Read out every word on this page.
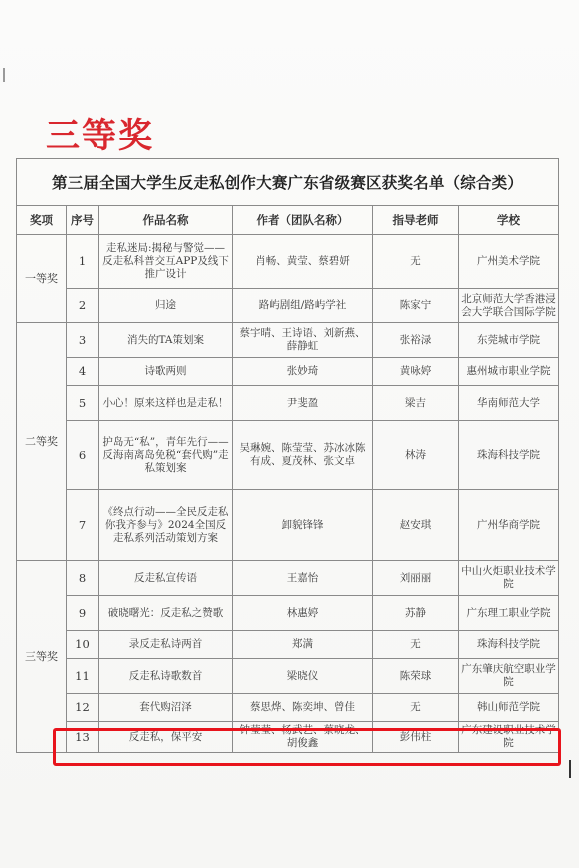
三等奖
第三届全国大学生反走私创作大赛广东省级赛区获奖名单（综合类）					
奖项	序号	作品名称	作者（团队名称）	指导老师	学校
一等奖	1	走私迷局:揭秘与警觉——反走私科普交互APP及线下推广设计	肖畅、黄莹、蔡碧妍	无	广州美术学院
	2	归途	路屿剧组/路屿学社	陈家宁	北京师范大学香港浸会大学联合国际学院
二等奖	3	消失的TA策划案	蔡宇晴、王诗语、刘新燕、薛静虹	张裕渌	东莞城市学院
	4	诗歌两则	张妙琦	黄咏婷	惠州城市职业学院
	5	小心！原来这样也是走私！	尹斐盈	梁吉	华南师范大学
	6	护岛无“私”，青年先行——反海南离岛免税“套代购”走私策划案	吴琳婉、陈莹莹、苏冰冰陈有成、夏茂林、张文卓	林涛	珠海科技学院
	7	《终点行动——全民反走私 你我齐参与》2024全国反走私系列活动策划方案	卸貌锋锋	赵安琪	广州华商学院
三等奖	8	反走私宣传语	王嘉怡	刘丽丽	中山火炬职业技术学院
	9	破晓曙光：反走私之赞歌	林惠婷	苏静	广东理工职业学院
	10	录反走私诗两首	郑满	无	珠海科技学院
	11	反走私诗歌数首	梁晓仪	陈荣球	广东肇庆航空职业学院
	12	套代购沼泽	蔡思烨、陈奕坤、曾佳	无	韩山师范学院
	13	反走私，保平安	钟莹莹、杨武艺、蔡晓龙、胡俊鑫	彭伟柱	广东建设职业技术学院
